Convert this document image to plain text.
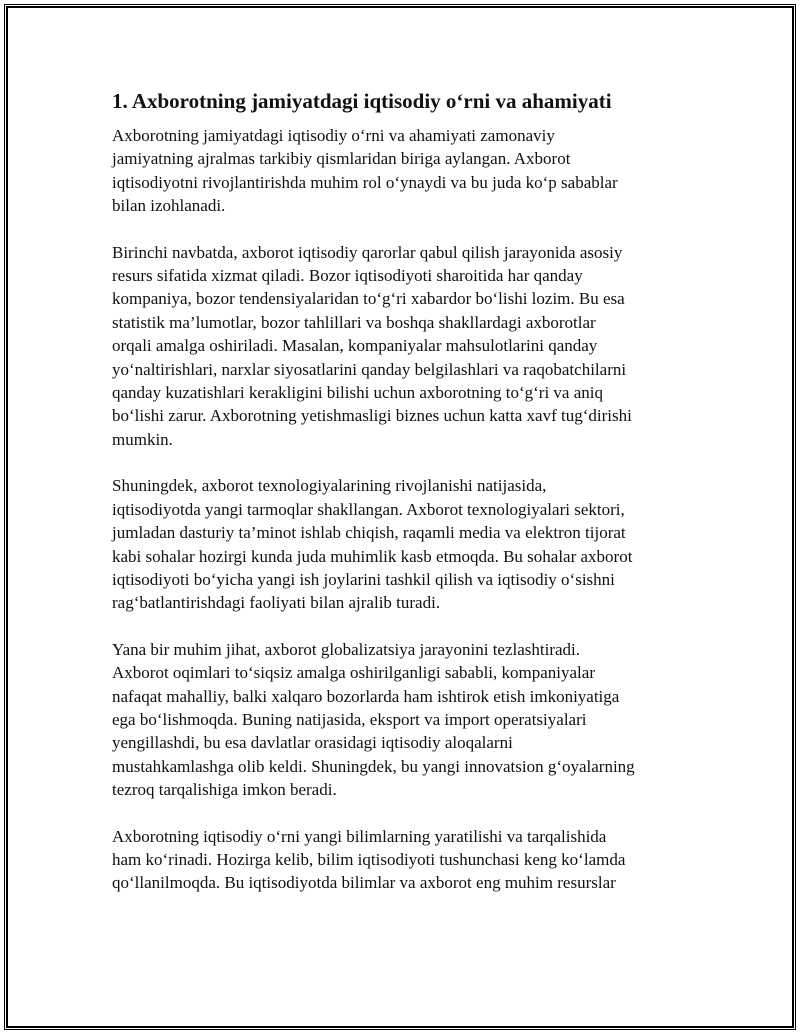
1. Axborotning jamiyatdagi iqtisodiy o‘rni va ahamiyati

Axborotning jamiyatdagi iqtisodiy o‘rni va ahamiyati zamonaviy
jamiyatning ajralmas tarkibiy qismlaridan biriga aylangan. Axborot
iqtisodiyotni rivojlantirishda muhim rol o‘ynaydi va bu juda ko‘p sabablar
bilan izohlanadi.

Birinchi navbatda, axborot iqtisodiy qarorlar qabul qilish jarayonida asosiy
resurs sifatida xizmat qiladi. Bozor iqtisodiyoti sharoitida har qanday
kompaniya, bozor tendensiyalaridan to‘g‘ri xabardor bo‘lishi lozim. Bu esa
statistik ma’lumotlar, bozor tahlillari va boshqa shakllardagi axborotlar
orqali amalga oshiriladi. Masalan, kompaniyalar mahsulotlarini qanday
yo‘naltirishlari, narxlar siyosatlarini qanday belgilashlari va raqobatchilarni
qanday kuzatishlari kerakligini bilishi uchun axborotning to‘g‘ri va aniq
bo‘lishi zarur. Axborotning yetishmasligi biznes uchun katta xavf tug‘dirishi
mumkin.

Shuningdek, axborot texnologiyalarining rivojlanishi natijasida,
iqtisodiyotda yangi tarmoqlar shakllangan. Axborot texnologiyalari sektori,
jumladan dasturiy ta’minot ishlab chiqish, raqamli media va elektron tijorat
kabi sohalar hozirgi kunda juda muhimlik kasb etmoqda. Bu sohalar axborot
iqtisodiyoti bo‘yicha yangi ish joylarini tashkil qilish va iqtisodiy o‘sishni
rag‘batlantirishdagi faoliyati bilan ajralib turadi.

Yana bir muhim jihat, axborot globalizatsiya jarayonini tezlashtiradi.
Axborot oqimlari to‘siqsiz amalga oshirilganligi sababli, kompaniyalar
nafaqat mahalliy, balki xalqaro bozorlarda ham ishtirok etish imkoniyatiga
ega bo‘lishmoqda. Buning natijasida, eksport va import operatsiyalari
yengillashdi, bu esa davlatlar orasidagi iqtisodiy aloqalarni
mustahkamlashga olib keldi. Shuningdek, bu yangi innovatsion g‘oyalarning
tezroq tarqalishiga imkon beradi.

Axborotning iqtisodiy o‘rni yangi bilimlarning yaratilishi va tarqalishida
ham ko‘rinadi. Hozirga kelib, bilim iqtisodiyoti tushunchasi keng ko‘lamda
qo‘llanilmoqda. Bu iqtisodiyotda bilimlar va axborot eng muhim resurslar
